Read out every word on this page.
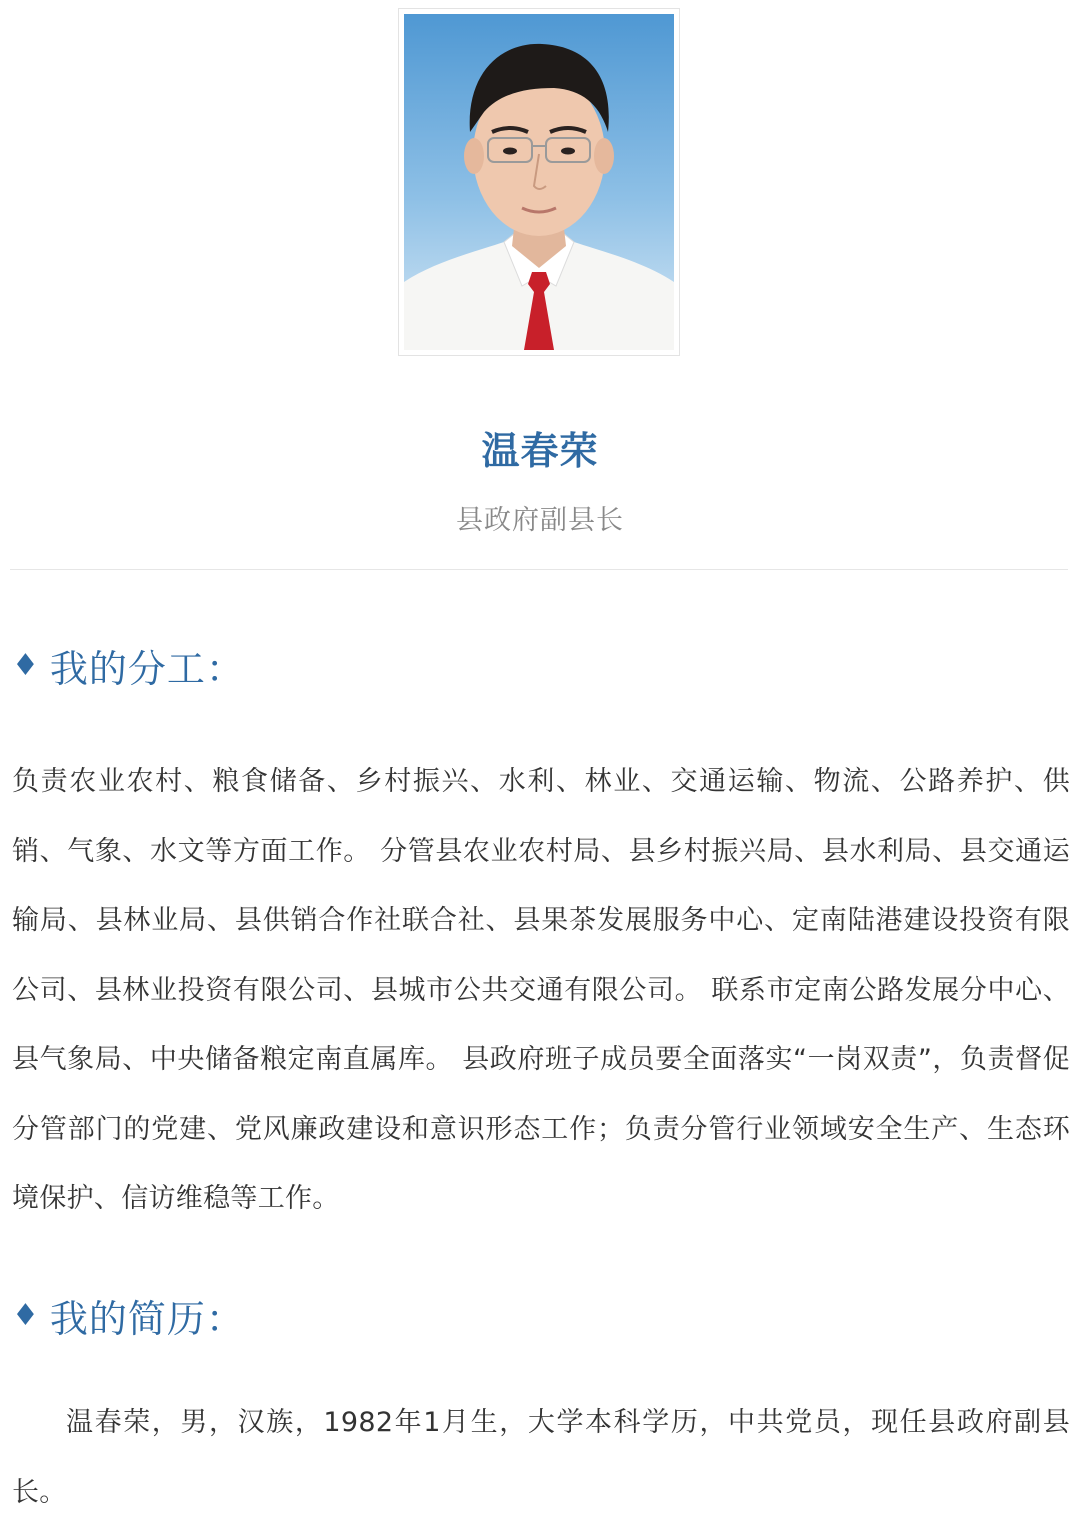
温春荣
县政府副县长
♦ 我的分工：
负责农业农村、粮食储备、乡村振兴、水利、林业、交通运输、物流、公路养护、供销、气象、水文等方面工作。 分管县农业农村局、县乡村振兴局、县水利局、县交通运输局、县林业局、县供销合作社联合社、县果茶发展服务中心、定南陆港建设投资有限公司、县林业投资有限公司、县城市公共交通有限公司。 联系市定南公路发展分中心、县气象局、中央储备粮定南直属库。 县政府班子成员要全面落实“一岗双责”，负责督促分管部门的党建、党风廉政建设和意识形态工作；负责分管行业领域安全生产、生态环境保护、信访维稳等工作。
♦ 我的简历：
温春荣，男，汉族，1982年1月生，大学本科学历，中共党员，现任县政府副县长。
